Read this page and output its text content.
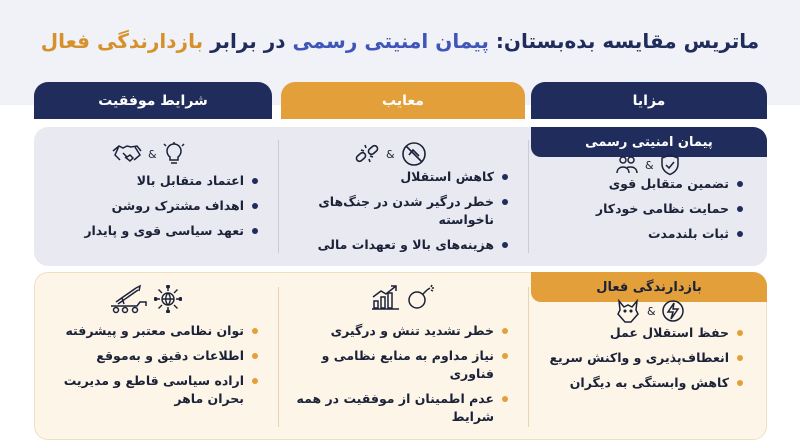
ماتریس مقایسه بده‌بستان: پیمان امنیتی رسمی در برابر بازدارندگی فعال
مزایا
معایب
شرایط موفقیت
پیمان امنیتی رسمی
&
تضمین متقابل قوی
حمایت نظامی خودکار
ثبات بلندمدت
&
کاهش استقلال
خطر درگیر شدن در جنگ‌های ناخواسته
هزینه‌های بالا و تعهدات مالی
&
اعتماد متقابل بالا
اهداف مشترک روشن
تعهد سیاسی قوی و پایدار
بازدارندگی فعال
&
حفظ استقلال عمل
انعطاف‌پذیری و واکنش سریع
کاهش وابستگی به دیگران
خطر تشدید تنش و درگیری
نیاز مداوم به منابع نظامی و فناوری
عدم اطمینان از موفقیت در همه شرایط
توان نظامی معتبر و پیشرفته
اطلاعات دقیق و به‌موقع
اراده سیاسی قاطع و مدیریت بحران ماهر
